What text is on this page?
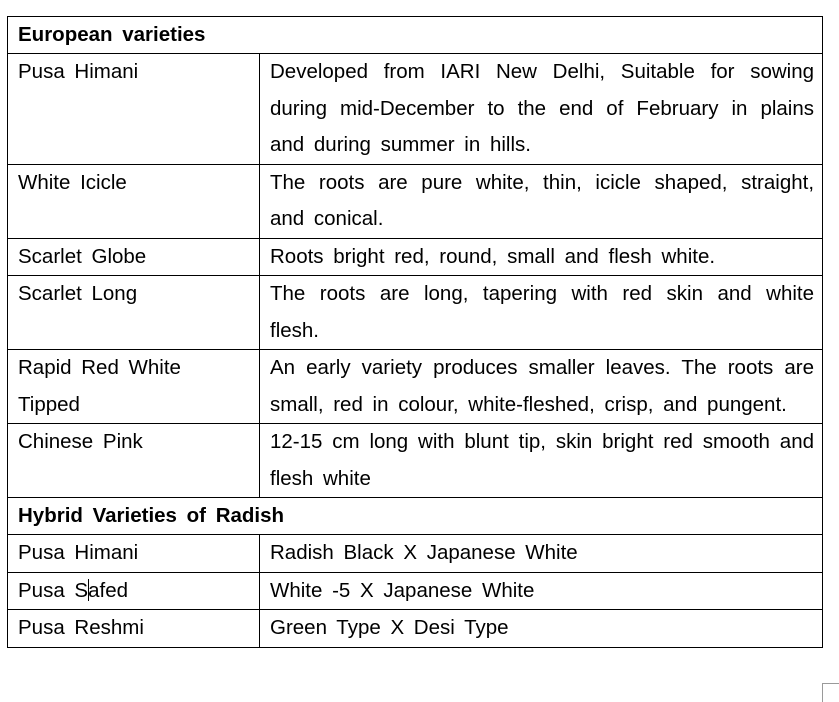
European varieties	

Pusa Himani	Developed from IARI New Delhi, Suitable for sowing during mid-December to the end of February in plains and during summer in hills.

White Icicle	The roots are pure white, thin, icicle shaped, straight, and conical.

Scarlet Globe	Roots bright red, round, small and flesh white.

Scarlet Long	The roots are long, tapering with red skin and white flesh.

Rapid Red White Tipped	An early variety produces smaller leaves. The roots are small, red in colour, white-fleshed, crisp, and pungent.

Chinese Pink	12-15 cm long with blunt tip, skin bright red smooth and flesh white
Hybrid Varieties of Radish	

Pusa Himani	Radish Black X Japanese White

Pusa Safed	White -5 X Japanese White

Pusa Reshmi	Green Type X Desi Type
